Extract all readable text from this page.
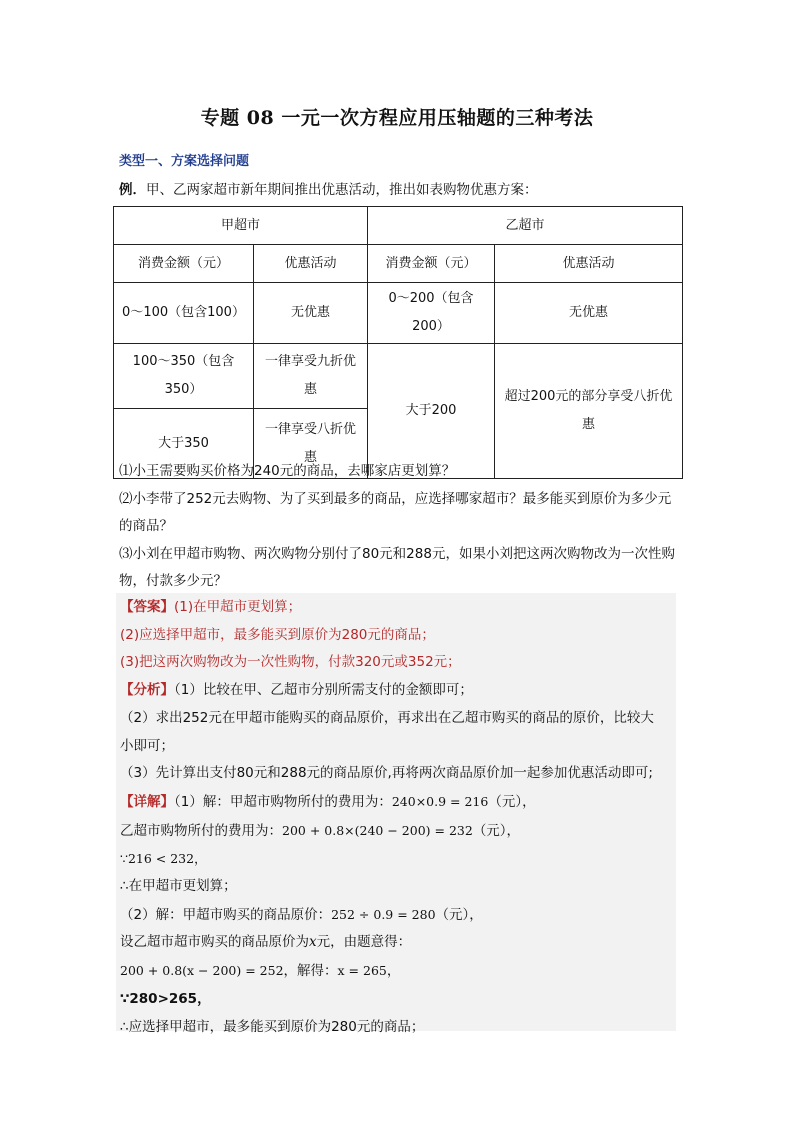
专题 08 一元一次方程应用压轴题的三种考法
类型一、方案选择问题
例．甲、乙两家超市新年期间推出优惠活动，推出如表购物优惠方案：
甲超市		乙超市	
消费金额（元）	优惠活动	消费金额（元）	优惠活动
0～100（包含100）	无优惠	0～200（包含200）	无优惠
100～350（包含350）	一律享受九折优惠	大于200	超过200元的部分享受八折优惠
大于350	一律享受八折优惠		

⑴小王需要购买价格为240元的商品，去哪家店更划算？

⑵小李带了252元去购物、为了买到最多的商品，应选择哪家超市？最多能买到原价为多少元的商品？

⑶小刘在甲超市购物、两次购物分别付了80元和288元，如果小刘把这两次购物改为一次性购物，付款多少元？

【答案】(1)在甲超市更划算；

(2)应选择甲超市，最多能买到原价为280元的商品；

(3)把这两次购物改为一次性购物，付款320元或352元；

【分析】（1）比较在甲、乙超市分别所需支付的金额即可；

（2）求出252元在甲超市能购买的商品原价，再求出在乙超市购买的商品的原价，比较大

小即可；

（3）先计算出支付80元和288元的商品原价,再将两次商品原价加一起参加优惠活动即可;

【详解】（1）解：甲超市购物所付的费用为：240×0.9 = 216（元），

乙超市购物所付的费用为：200 + 0.8×(240 − 200) = 232（元），

∵216 < 232，

∴在甲超市更划算；

（2）解：甲超市购买的商品原价：252 ÷ 0.9 = 280（元），

设乙超市超市购买的商品原价为x元，由题意得：

200 + 0.8(x − 200) = 252，解得：x = 265，

∵280>265，

∴应选择甲超市，最多能买到原价为280元的商品；
